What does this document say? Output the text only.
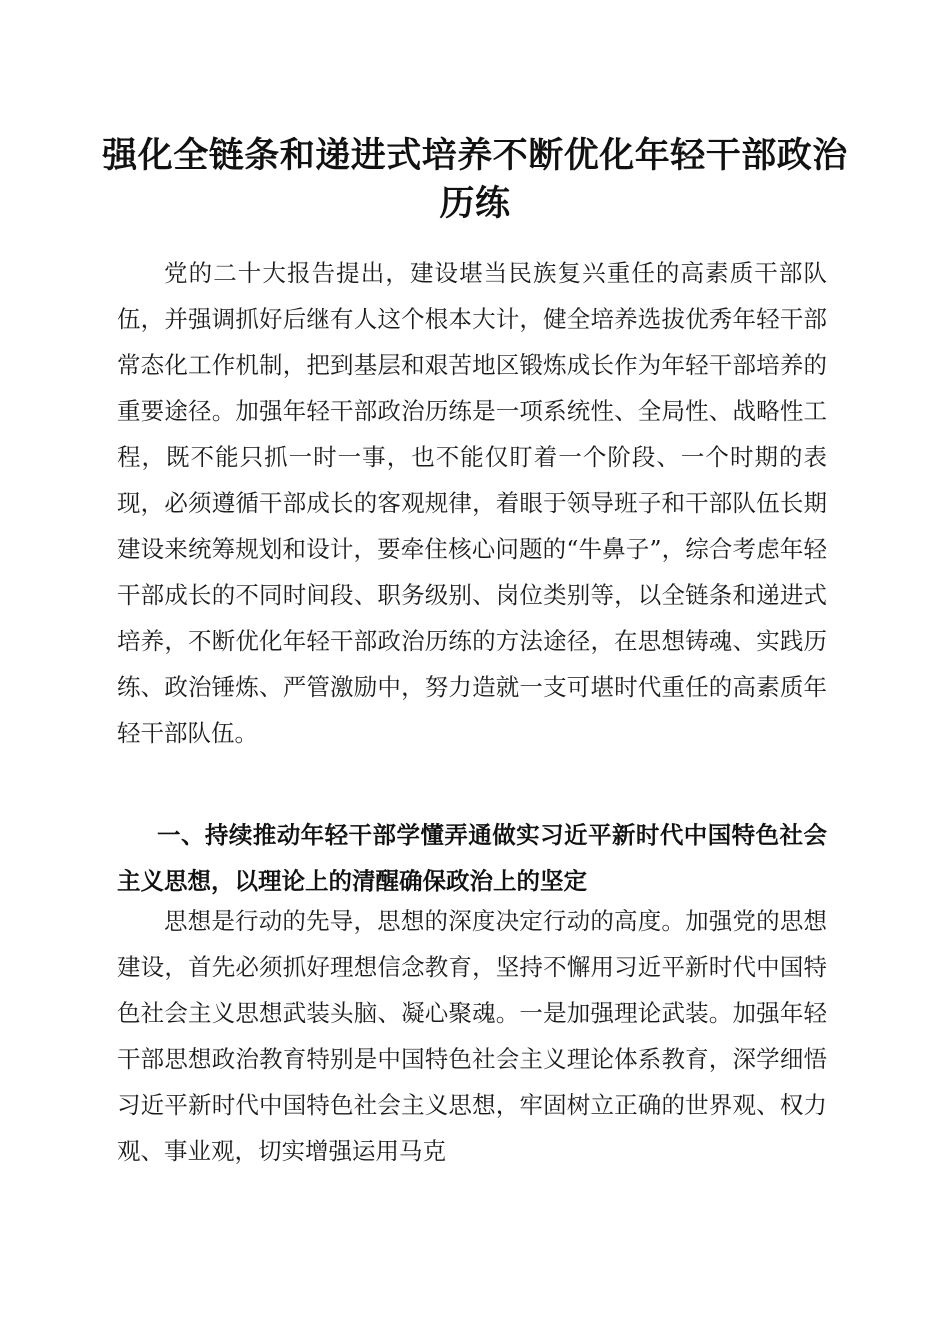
强化全链条和递进式培养不断优化年轻干部政治历练

党的二十大报告提出，建设堪当民族复兴重任的高素质干部队伍，并强调抓好后继有人这个根本大计，健全培养选拔优秀年轻干部常态化工作机制，把到基层和艰苦地区锻炼成长作为年轻干部培养的重要途径。加强年轻干部政治历练是一项系统性、全局性、战略性工程，既不能只抓一时一事，也不能仅盯着一个阶段、一个时期的表现，必须遵循干部成长的客观规律，着眼于领导班子和干部队伍长期建设来统筹规划和设计，要牵住核心问题的“牛鼻子”，综合考虑年轻干部成长的不同时间段、职务级别、岗位类别等，以全链条和递进式培养，不断优化年轻干部政治历练的方法途径，在思想铸魂、实践历练、政治锤炼、严管激励中，努力造就一支可堪时代重任的高素质年轻干部队伍。

一、持续推动年轻干部学懂弄通做实习近平新时代中国特色社会主义思想，以理论上的清醒确保政治上的坚定

思想是行动的先导，思想的深度决定行动的高度。加强党的思想建设，首先必须抓好理想信念教育，坚持不懈用习近平新时代中国特色社会主义思想武装头脑、凝心聚魂。一是加强理论武装。加强年轻干部思想政治教育特别是中国特色社会主义理论体系教育，深学细悟习近平新时代中国特色社会主义思想，牢固树立正确的世界观、权力观、事业观，切实增强运用马克
